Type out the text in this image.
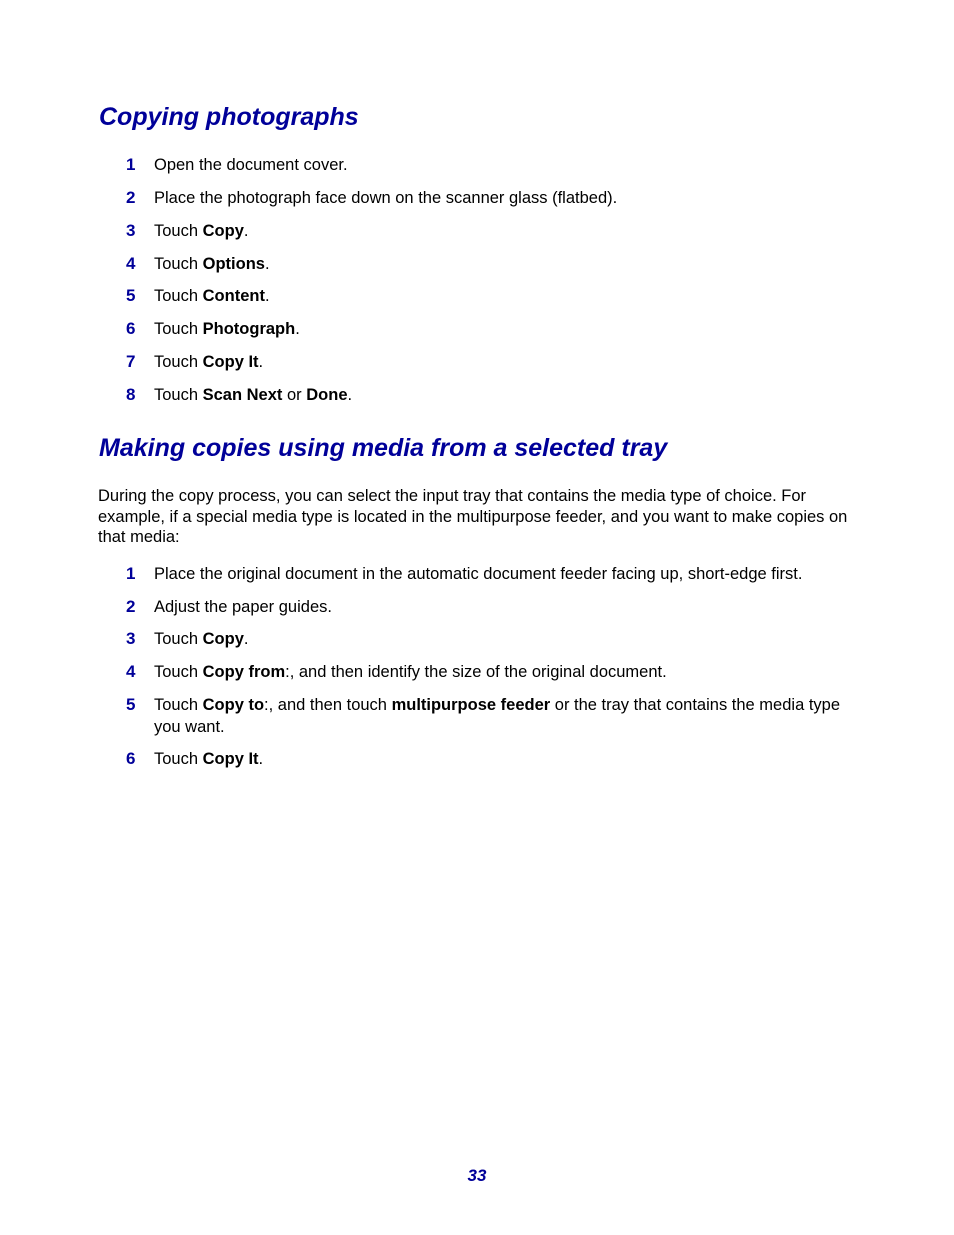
Copying photographs
1 Open the document cover.
2 Place the photograph face down on the scanner glass (flatbed).
3 Touch Copy.
4 Touch Options.
5 Touch Content.
6 Touch Photograph.
7 Touch Copy It.
8 Touch Scan Next or Done.
Making copies using media from a selected tray

During the copy process, you can select the input tray that contains the media type of choice. For example, if a special media type is located in the multipurpose feeder, and you want to make copies on that media:

1 Place the original document in the automatic document feeder facing up, short-edge first.
2 Adjust the paper guides.
3 Touch Copy.
4 Touch Copy from:, and then identify the size of the original document.
5 Touch Copy to:, and then touch multipurpose feeder or the tray that contains the media type you want.
6 Touch Copy It.
33
